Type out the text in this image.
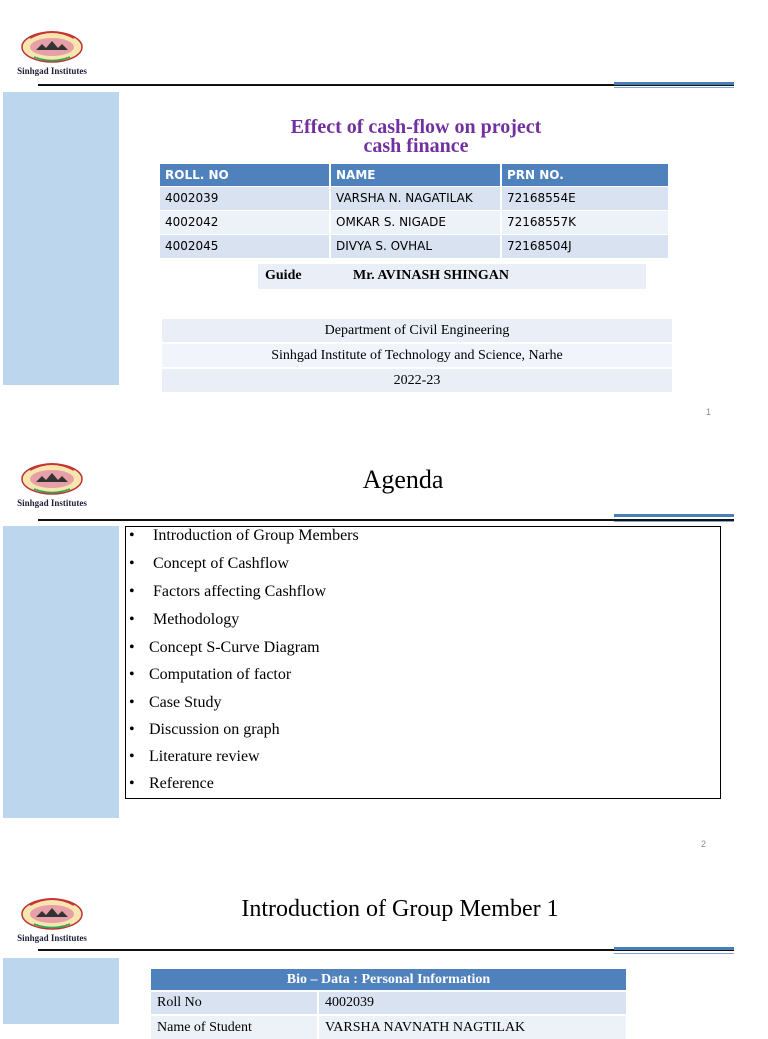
Sinhgad Institutes
Effect of cash-flow on project cash finance
ROLL. NO	NAME	PRN NO.
4002039	VARSHA N. NAGATILAK	72168554E
4002042	OMKAR S. NIGADE	72168557K
4002045	DIVYA S. OVHAL	72168504J
Guide	Mr. AVINASH SHINGAN
Department of Civil Engineering
Sinhgad Institute of Technology and Science, Narhe
2022-23
1
Sinhgad Institutes
Agenda
2
• Introduction of Group Members
• Concept of Cashflow
• Factors affecting Cashflow
• Methodology
• Concept S-Curve Diagram
• Computation of factor
• Case Study
• Discussion on graph
• Literature review
• Reference
Sinhgad Institutes
Introduction of Group Member 1
Bio – Data : Personal Information	
Roll No	4002039
Name of Student	VARSHA NAVNATH NAGTILAK
